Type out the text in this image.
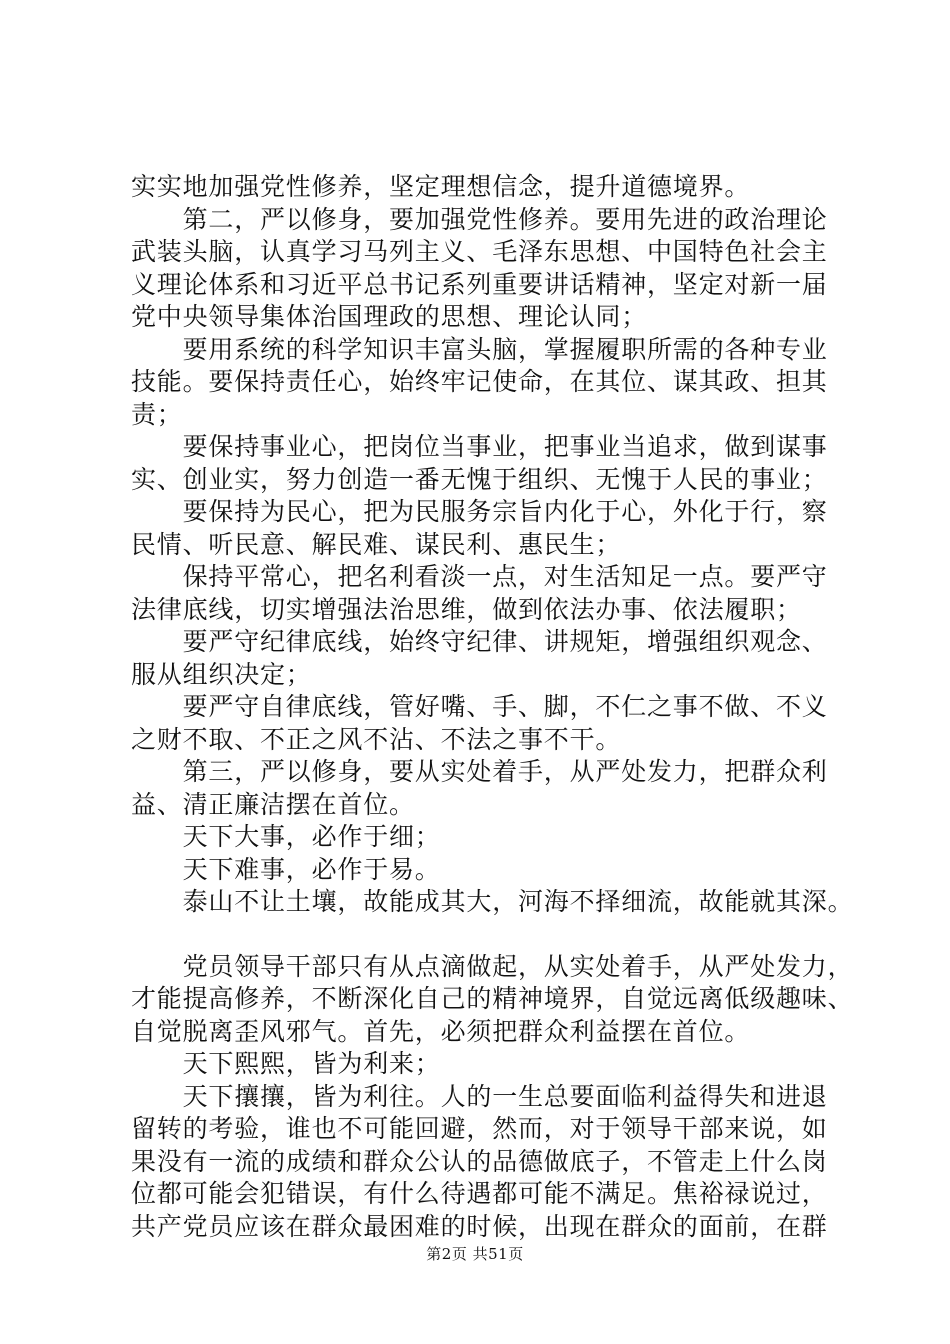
实实地加强党性修养，坚定理想信念，提升道德境界。
　　第二，严以修身，要加强党性修养。要用先进的政治理论
武装头脑，认真学习马列主义、毛泽东思想、中国特色社会主
义理论体系和习近平总书记系列重要讲话精神，坚定对新一届
党中央领导集体治国理政的思想、理论认同；
　　要用系统的科学知识丰富头脑，掌握履职所需的各种专业
技能。要保持责任心，始终牢记使命，在其位、谋其政、担其
责；
　　要保持事业心，把岗位当事业，把事业当追求，做到谋事
实、创业实，努力创造一番无愧于组织、无愧于人民的事业；
　　要保持为民心，把为民服务宗旨内化于心，外化于行，察
民情、听民意、解民难、谋民利、惠民生；
　　保持平常心，把名利看淡一点，对生活知足一点。要严守
法律底线，切实增强法治思维，做到依法办事、依法履职；
　　要严守纪律底线，始终守纪律、讲规矩，增强组织观念、
服从组织决定；
　　要严守自律底线，管好嘴、手、脚，不仁之事不做、不义
之财不取、不正之风不沾、不法之事不干。
　　第三，严以修身，要从实处着手，从严处发力，把群众利
益、清正廉洁摆在首位。
　　天下大事，必作于细；
　　天下难事，必作于易。
　　泰山不让土壤，故能成其大，河海不择细流，故能就其深。
　　党员领导干部只有从点滴做起，从实处着手，从严处发力，
才能提高修养，不断深化自己的精神境界，自觉远离低级趣味、
自觉脱离歪风邪气。首先，必须把群众利益摆在首位。
　　天下熙熙，皆为利来；
　　天下攘攘，皆为利往。人的一生总要面临利益得失和进退
留转的考验，谁也不可能回避，然而，对于领导干部来说，如
果没有一流的成绩和群众公认的品德做底子，不管走上什么岗
位都可能会犯错误，有什么待遇都可能不满足。焦裕禄说过，
共产党员应该在群众最困难的时候，出现在群众的面前，在群
第2页 共51页
